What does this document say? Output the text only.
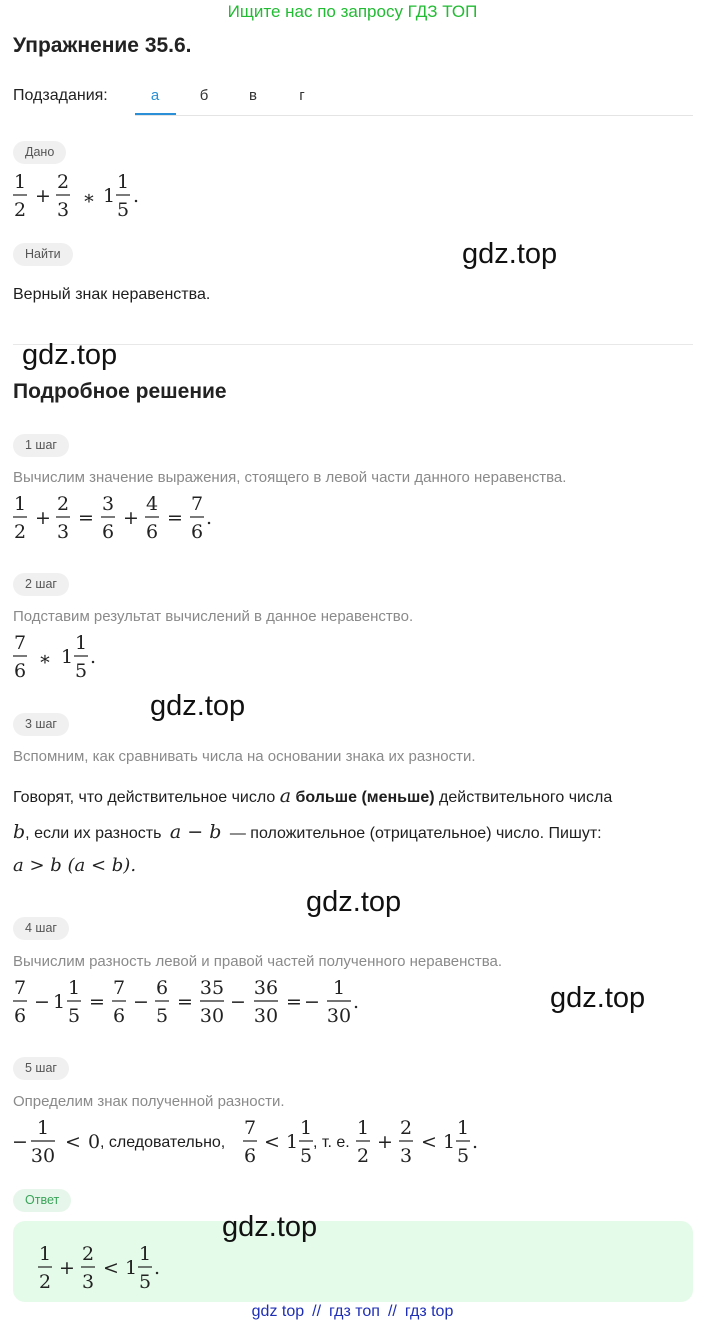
Ищите нас по запросу ГДЗ ТОП
Упражнение 35.6.
Подзадания:	а	б	в	г
Дано
1
2
+
2
3
∗ 1
1
5
.
Найти	gdz.top
Верный знак неравенства.
gdz.top
Подробное решение
1 шаг
Вычислим значение выражения, стоящего в левой части данного неравенства.
1
2
+
2
3
=
3
6
+
4
6
=
7
6
.
2 шаг
Подставим результат вычислений в данное неравенство.
7
6
∗ 1
1
5
.
gdz.top
3 шаг
Вспомним, как сравнивать числа на основании знака их разности.
Говорят, что действительное число a больше (меньше) действительного числа
b, если их разность a − b — положительное (отрицательное) число. Пишут:
a > b (a < b).
gdz.top
4 шаг
Вычислим разность левой и правой частей полученного неравенства.
7
6
− 1
1
5
=
7
6
−
6
5
=
35
30
−
36
30
= −
1
30
.	gdz.top
5 шаг
Определим знак полученной разности.
−
1
30
< 0 , следовательно,
7
6
< 1
1
5
, т. е.
1
2
+
2
3
< 1
1
5
.
Ответ
1
2
+
2
3
< 1
1
5
.
gdz.top
gdz top // гдз топ // гдз top
